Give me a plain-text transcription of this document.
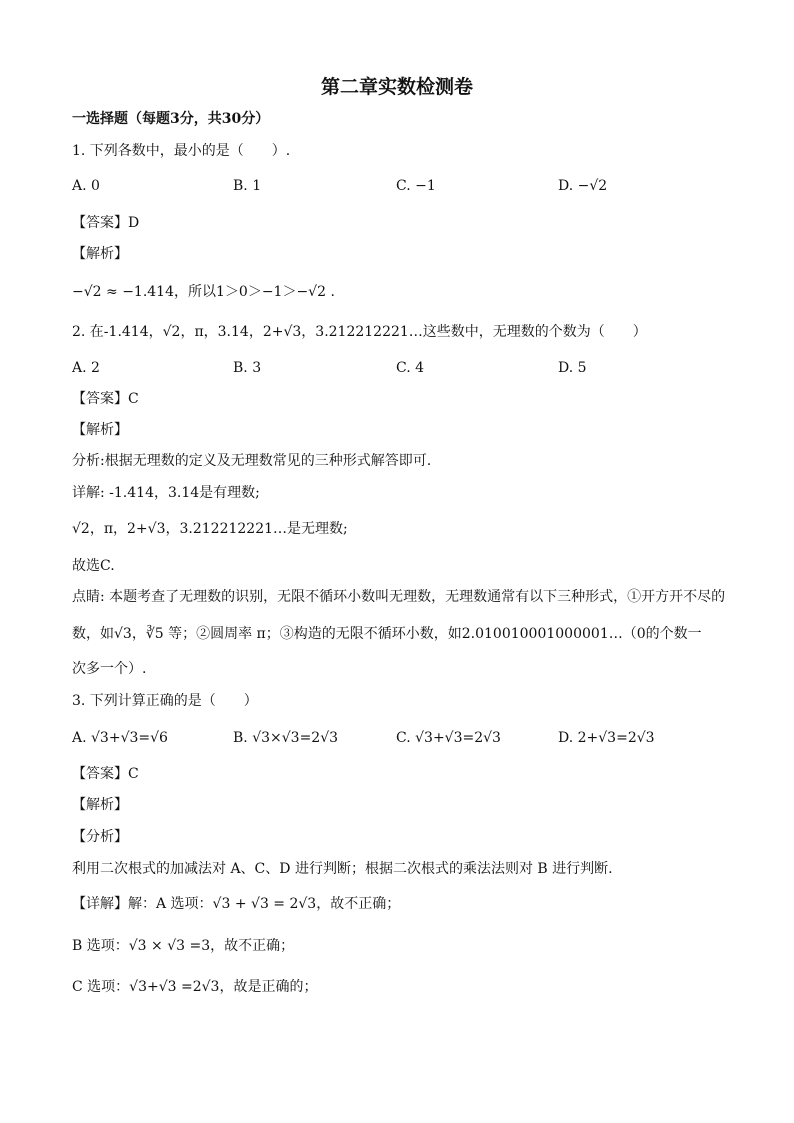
第二章实数检测卷
一选择题（每题3分，共30分）
1. 下列各数中，最小的是（　　）.
A. 0	B. 1	C. −1	D. −√2
【答案】D
【解析】
−√2 ≈ −1.414，所以1＞0＞−1＞−√2 .
2. 在-1.414，√2，π，3.14，2+√3，3.212212221…这些数中，无理数的个数为（　　）
A. 2	B. 3	C. 4	D. 5
【答案】C
【解析】
分析:根据无理数的定义及无理数常见的三种形式解答即可.
详解: -1.414，3.14是有理数;
√2，π，2+√3，3.212212221…是无理数;
故选C.
点睛: 本题考查了无理数的识别，无限不循环小数叫无理数，无理数通常有以下三种形式，①开方开不尽的
数，如√3，∛5 等；②圆周率 π；③构造的无限不循环小数，如2.010010001000001…（0的个数一
次多一个）.
3. 下列计算正确的是（　　）
A. √3+√3=√6	B. √3×√3=2√3	C. √3+√3=2√3	D. 2+√3=2√3
【答案】C
【解析】
【分析】
利用二次根式的加减法对 A、C、D 进行判断；根据二次根式的乘法法则对 B 进行判断.
【详解】解：A 选项：√3 + √3 = 2√3，故不正确；
B 选项：√3 × √3 =3，故不正确；
C 选项：√3+√3 =2√3，故是正确的；
